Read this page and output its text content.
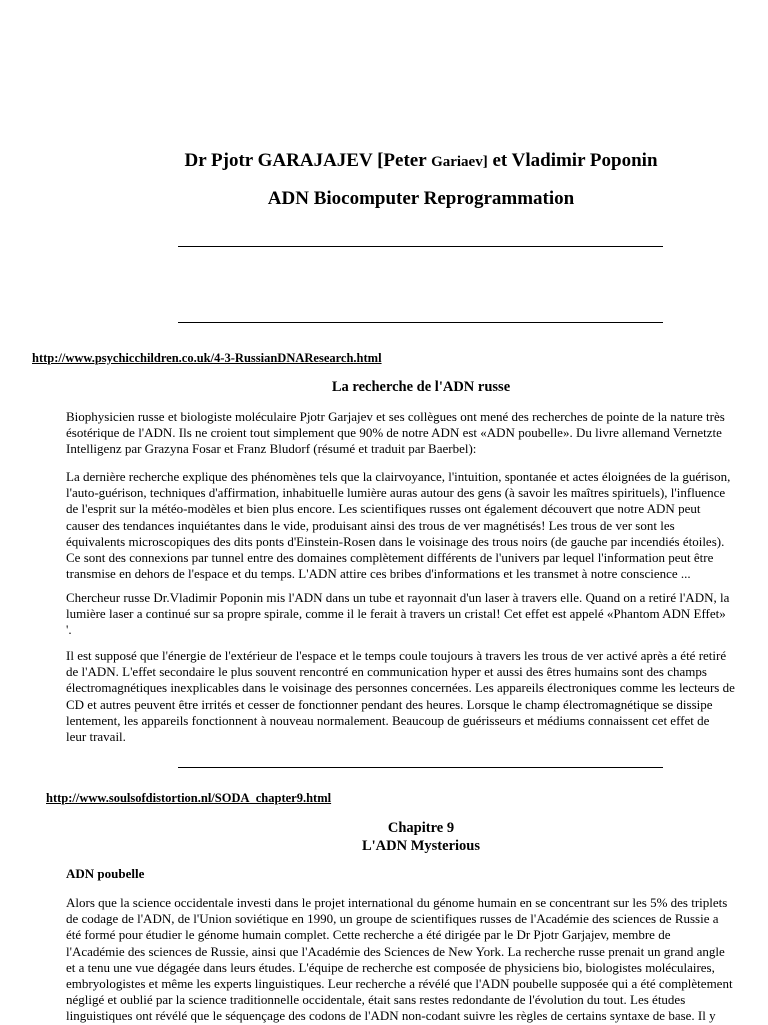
Dr Pjotr GARAJAJEV [Peter Gariaev] et Vladimir Poponin
ADN Biocomputer Reprogrammation
http://www.psychicchildren.co.uk/4-3-RussianDNAResearch.html
La recherche de l'ADN russe
Biophysicien russe et biologiste moléculaire Pjotr Garjajev et ses collègues ont mené des recherches de pointe de la nature très
ésotérique de l'ADN. Ils ne croient tout simplement que 90% de notre ADN est «ADN poubelle». Du livre allemand Vernetzte
Intelligenz par Grazyna Fosar et Franz Bludorf (résumé et traduit par Baerbel):
La dernière recherche explique des phénomènes tels que la clairvoyance, l'intuition, spontanée et actes éloignées de la guérison,
l'auto-guérison, techniques d'affirmation, inhabituelle lumière auras autour des gens (à savoir les maîtres spirituels), l'influence
de l'esprit sur la météo-modèles et bien plus encore. Les scientifiques russes ont également découvert que notre ADN peut
causer des tendances inquiétantes dans le vide, produisant ainsi des trous de ver magnétisés! Les trous de ver sont les
équivalents microscopiques des dits ponts d'Einstein-Rosen dans le voisinage des trous noirs (de gauche par incendiés étoiles).
Ce sont des connexions par tunnel entre des domaines complètement différents de l'univers par lequel l'information peut être
transmise en dehors de l'espace et du temps. L'ADN attire ces bribes d'informations et les transmet à notre conscience ...
Chercheur russe Dr.Vladimir Poponin mis l'ADN dans un tube et rayonnait d'un laser à travers elle. Quand on a retiré l'ADN, la
lumière laser a continué sur sa propre spirale, comme il le ferait à travers un cristal! Cet effet est appelé «Phantom ADN Effet»
'.
Il est supposé que l'énergie de l'extérieur de l'espace et le temps coule toujours à travers les trous de ver activé après a été retiré
de l'ADN. L'effet secondaire le plus souvent rencontré en communication hyper et aussi des êtres humains sont des champs
électromagnétiques inexplicables dans le voisinage des personnes concernées. Les appareils électroniques comme les lecteurs de
CD et autres peuvent être irrités et cesser de fonctionner pendant des heures. Lorsque le champ électromagnétique se dissipe
lentement, les appareils fonctionnent à nouveau normalement. Beaucoup de guérisseurs et médiums connaissent cet effet de
leur travail.
http://www.soulsofdistortion.nl/SODA_chapter9.html
Chapitre 9
L'ADN Mysterious
ADN poubelle
Alors que la science occidentale investi dans le projet international du génome humain en se concentrant sur les 5% des triplets
de codage de l'ADN, de l'Union soviétique en 1990, un groupe de scientifiques russes de l'Académie des sciences de Russie a
été formé pour étudier le génome humain complet. Cette recherche a été dirigée par le Dr Pjotr Garjajev, membre de
l'Académie des sciences de Russie, ainsi que l'Académie des Sciences de New York. La recherche russe prenait un grand angle
et a tenu une vue dégagée dans leurs études. L'équipe de recherche est composée de physiciens bio, biologistes moléculaires,
embryologistes et même les experts linguistiques. Leur recherche a révélé que l'ADN poubelle supposée qui a été complètement
négligé et oublié par la science traditionnelle occidentale, était sans restes redondante de l'évolution du tout. Les études
linguistiques ont révélé que le séquençage des codons de l'ADN non-codant suivre les règles de certains syntaxe de base. Il y
